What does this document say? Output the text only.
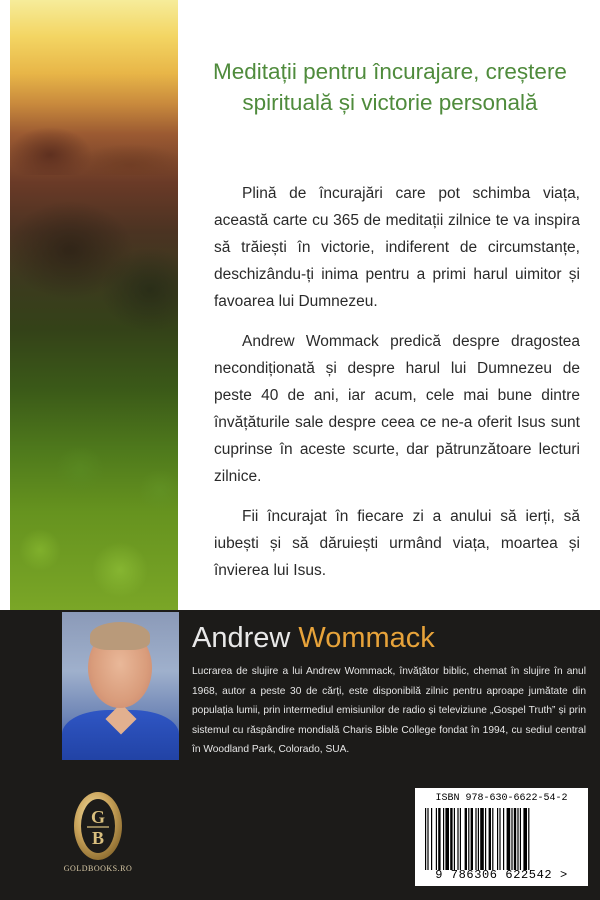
Meditații pentru încurajare, creștere spirituală și victorie personală

Plină de încurajări care pot schimba viața, această carte cu 365 de meditații zilnice te va inspira să trăiești în victorie, indiferent de circumstanțe, deschizându-ți inima pentru a primi harul uimitor și favoarea lui Dumnezeu.

Andrew Wommack predică despre dragostea necondiționată și despre harul lui Dumnezeu de peste 40 de ani, iar acum, cele mai bune dintre învățăturile sale despre ceea ce ne-a oferit Isus sunt cuprinse în aceste scurte, dar pătrunzătoare lecturi zilnice.

Fii încurajat în fiecare zi a anului să ierți, să iubești și să dăruiești urmând viața, moartea și învierea lui Isus.

Andrew Wommack

Lucrarea de slujire a lui Andrew Wommack, învățător biblic, chemat în slujire în anul 1968, autor a peste 30 de cărți, este disponibilă zilnic pentru aproape jumătate din populația lumii, prin intermediul emisiunilor de radio și televiziune „Gospel Truth” și prin sistemul cu răspândire mondială Charis Bible College fondat în 1994, cu sediul central în Woodland Park, Colorado, SUA.

G
B
GOLDBOOKS.RO
ISBN 978-630-6622-54-2
9 786306 622542 >
